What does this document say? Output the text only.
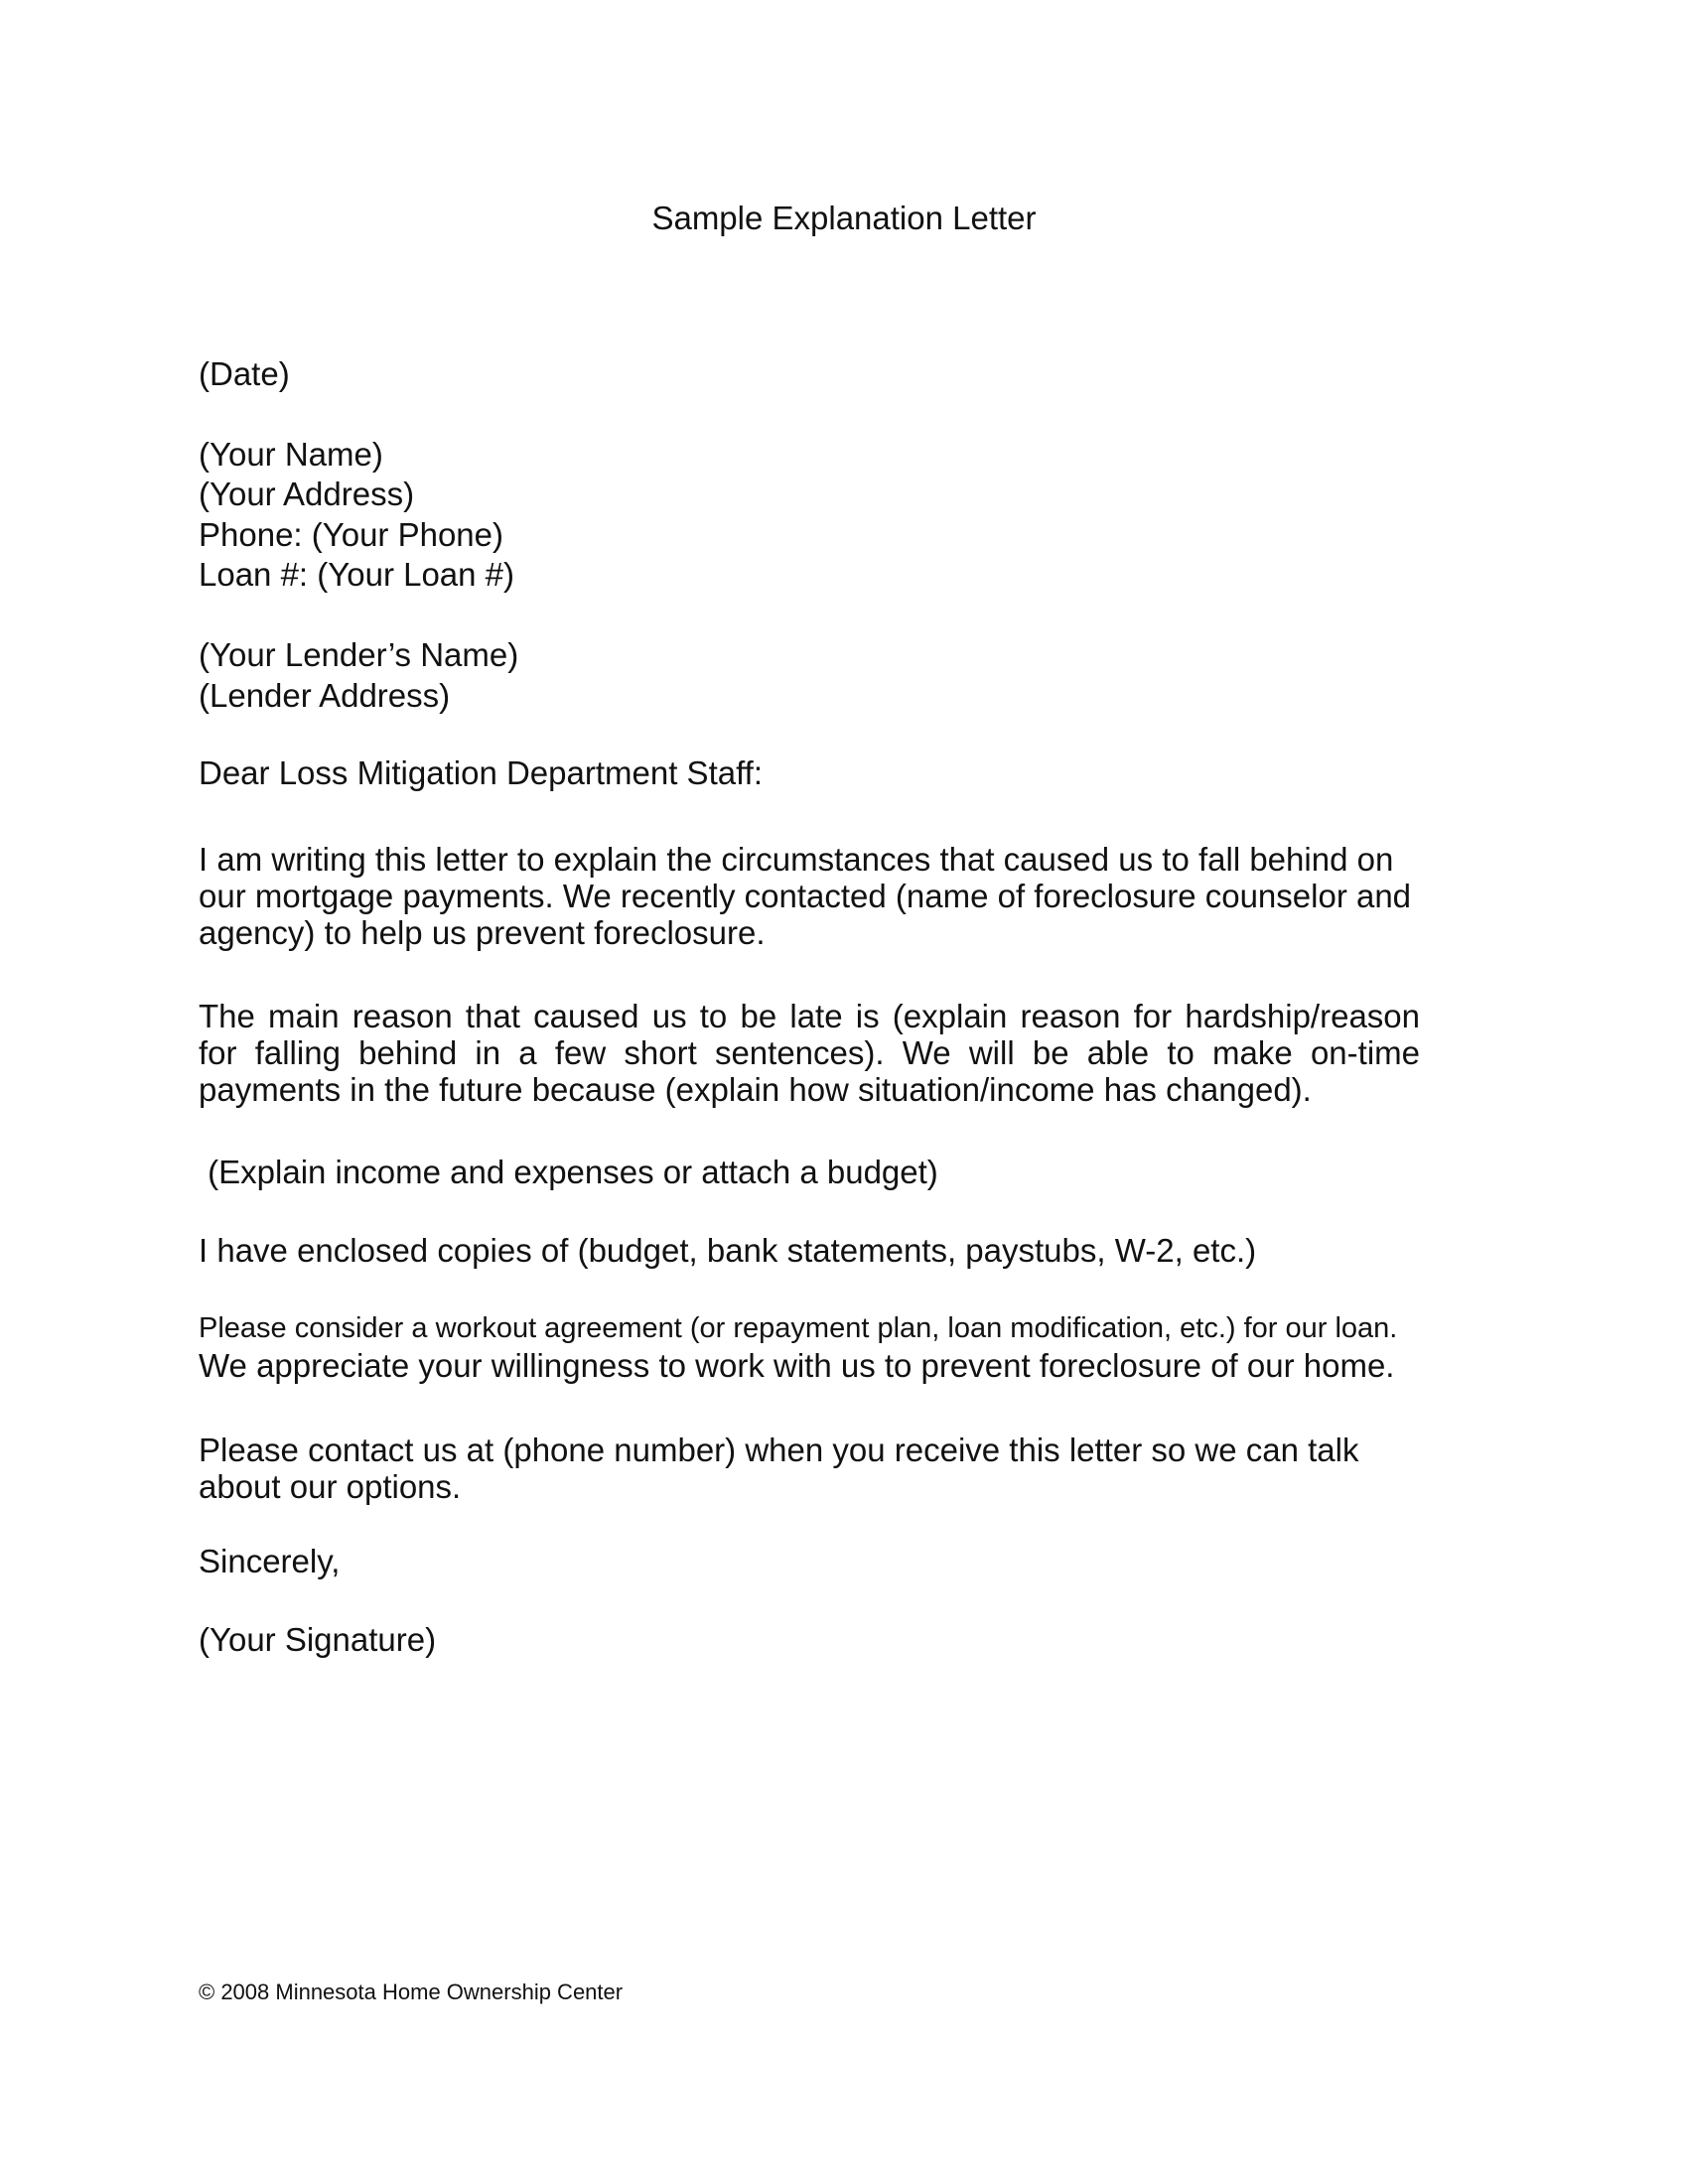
Sample Explanation Letter
(Date)
(Your Name)
(Your Address)
Phone: (Your Phone)
Loan #: (Your Loan #)
(Your Lender’s Name)
(Lender Address)
Dear Loss Mitigation Department Staff:
I am writing this letter to explain the circumstances that caused us to fall behind on
our mortgage payments. We recently contacted (name of foreclosure counselor and
agency) to help us prevent foreclosure.
The main reason that caused us to be late is (explain reason for hardship/reason
for falling behind in a few short sentences). We will be able to make on-time
payments in the future because (explain how situation/income has changed).
(Explain income and expenses or attach a budget)
I have enclosed copies of (budget, bank statements, paystubs, W-2, etc.)
Please consider a workout agreement (or repayment plan, loan modification, etc.) for our loan.
We appreciate your willingness to work with us to prevent foreclosure of our home.
Please contact us at (phone number) when you receive this letter so we can talk
about our options.
Sincerely,
(Your Signature)
© 2008 Minnesota Home Ownership Center
